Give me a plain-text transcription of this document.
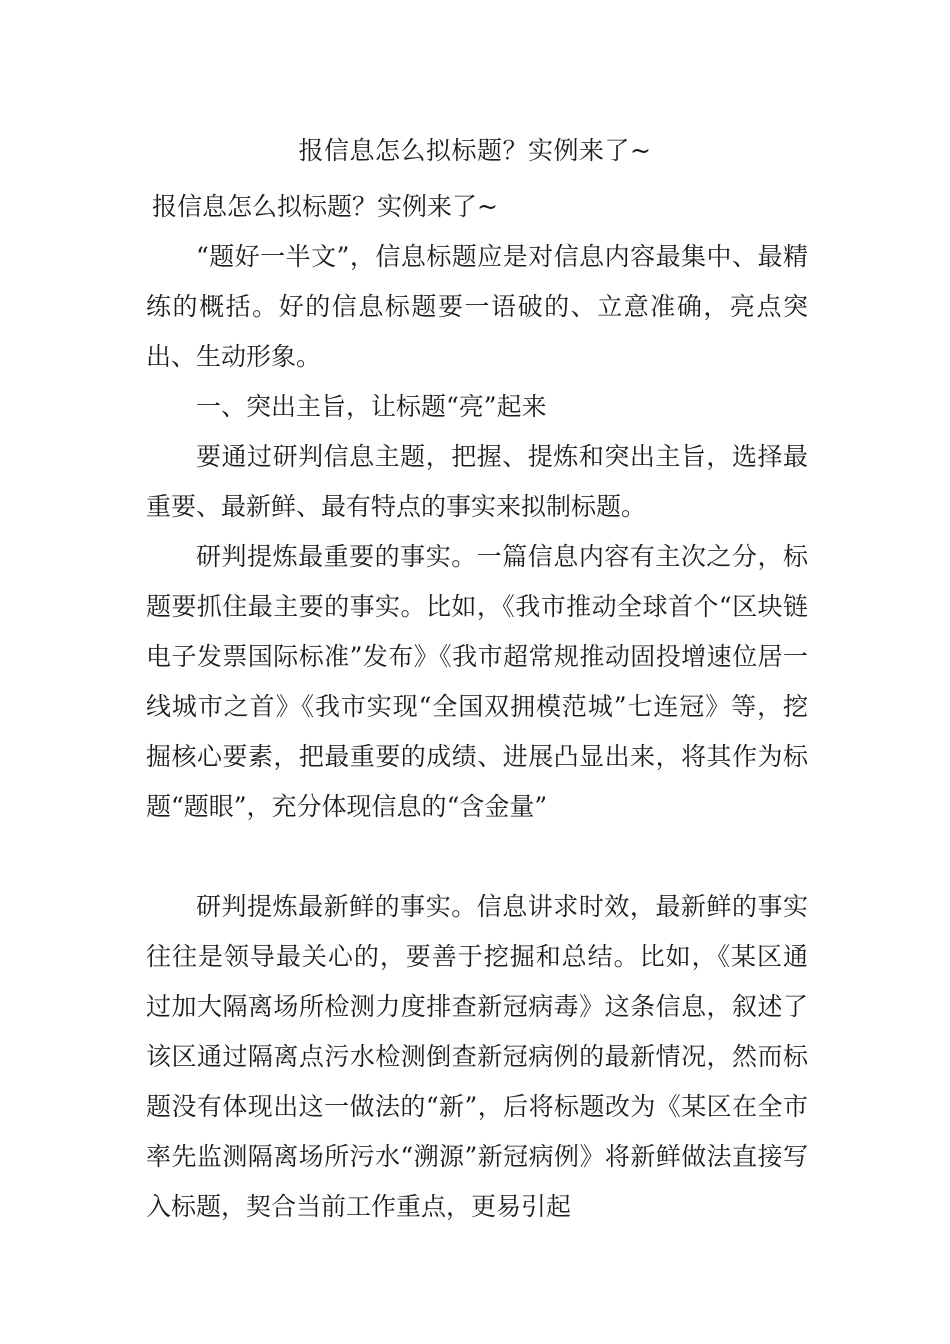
报信息怎么拟标题？实例来了~

报信息怎么拟标题？实例来了~

“题好一半文”，信息标题应是对信息内容最集中、最精练的概括。好的信息标题要一语破的、立意准确，亮点突出、生动形象。

一、突出主旨，让标题“亮”起来

要通过研判信息主题，把握、提炼和突出主旨，选择最重要、最新鲜、最有特点的事实来拟制标题。

研判提炼最重要的事实。一篇信息内容有主次之分，标题要抓住最主要的事实。比如，《我市推动全球首个“区块链电子发票国际标准”发布》《我市超常规推动固投增速位居一线城市之首》《我市实现“全国双拥模范城”七连冠》等，挖掘核心要素，把最重要的成绩、进展凸显出来，将其作为标题“题眼”，充分体现信息的“含金量”

研判提炼最新鲜的事实。信息讲求时效，最新鲜的事实往往是领导最关心的，要善于挖掘和总结。比如，《某区通过加大隔离场所检测力度排查新冠病毒》这条信息，叙述了该区通过隔离点污水检测倒查新冠病例的最新情况，然而标题没有体现出这一做法的“新”，后将标题改为《某区在全市率先监测隔离场所污水“溯源”新冠病例》将新鲜做法直接写入标题，契合当前工作重点，更易引起
